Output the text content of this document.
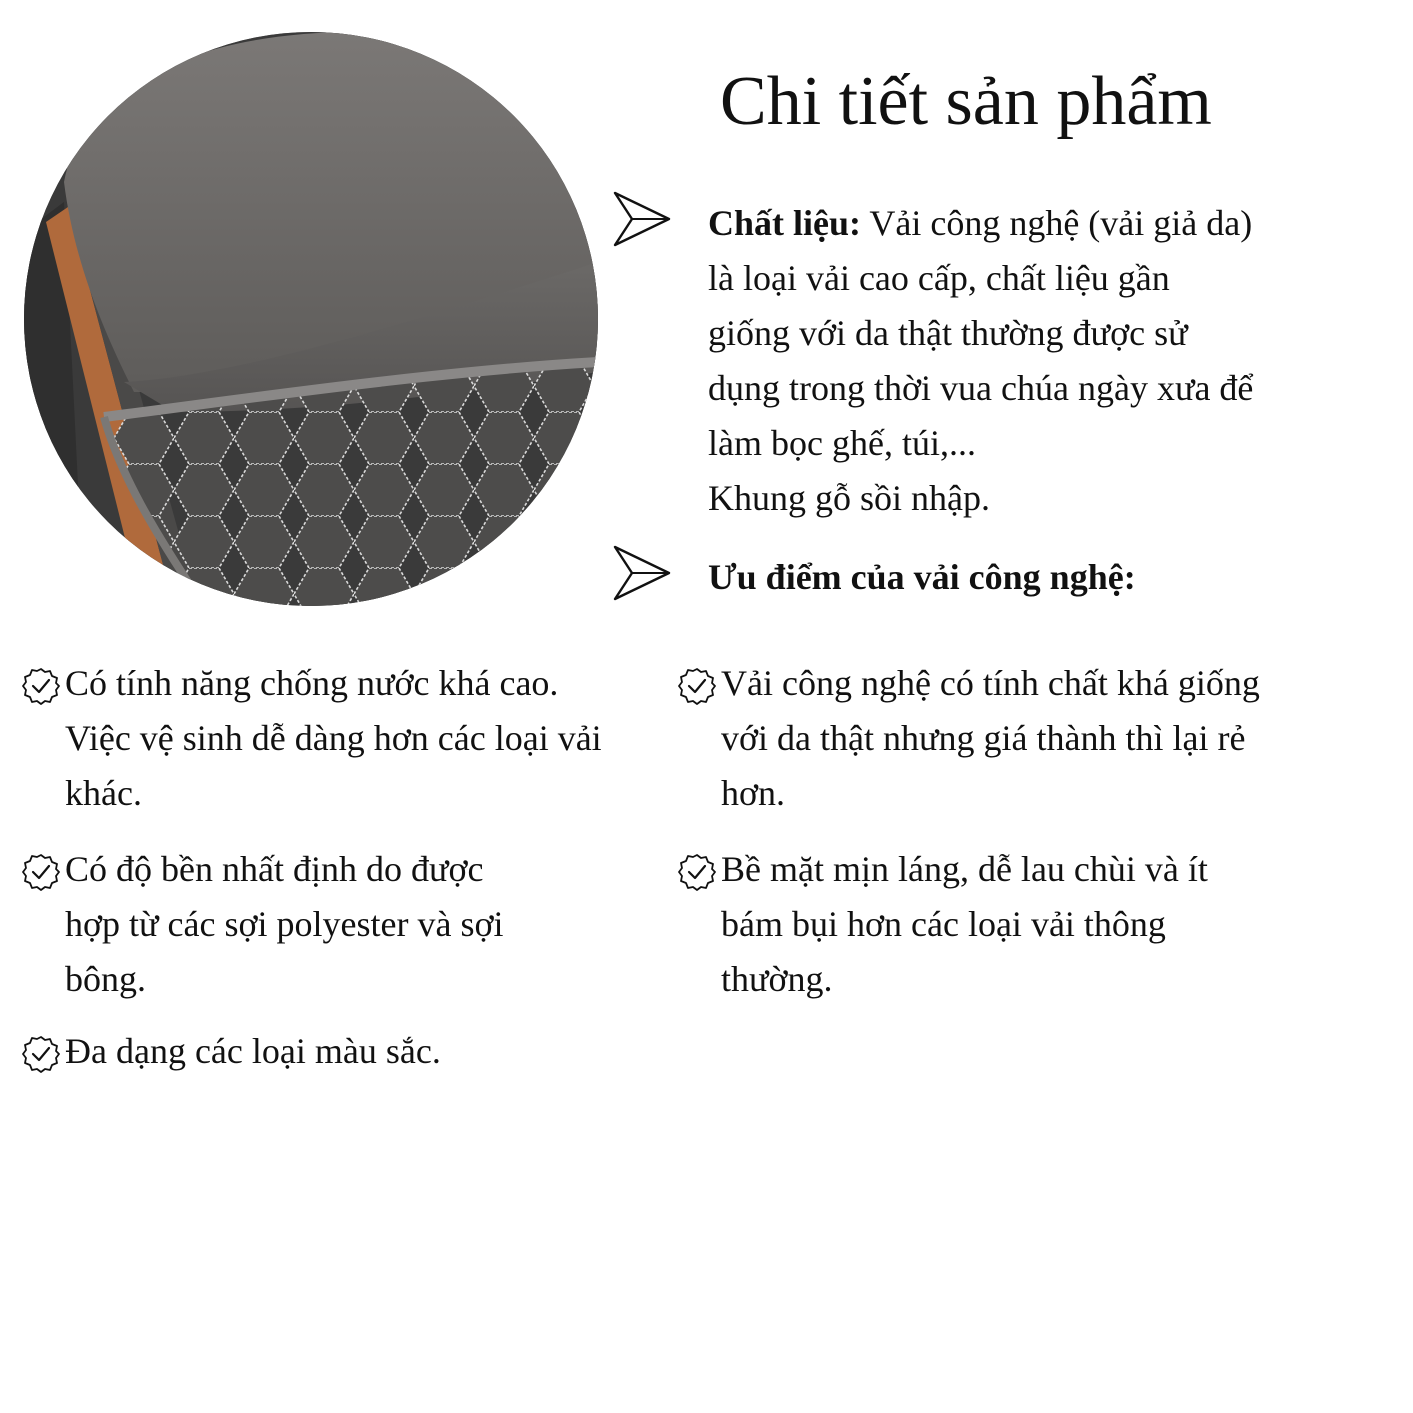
Chi tiết sản phẩm
Chất liệu: Vải công nghệ (vải giả da)
là loại vải cao cấp, chất liệu gần
giống với da thật thường được sử
dụng trong thời vua chúa ngày xưa để
làm bọc ghế, túi,...
Khung gỗ sồi nhập.
Ưu điểm của vải công nghệ:
Có tính năng chống nước khá cao.
Việc vệ sinh dễ dàng hơn các loại vải
khác.
Có độ bền nhất định do được
hợp từ các sợi polyester và sợi
bông.
Đa dạng các loại màu sắc.
Vải công nghệ có tính chất khá giống
với da thật nhưng giá thành thì lại rẻ
hơn.
Bề mặt mịn láng, dễ lau chùi và ít
bám bụi hơn các loại vải thông
thường.
